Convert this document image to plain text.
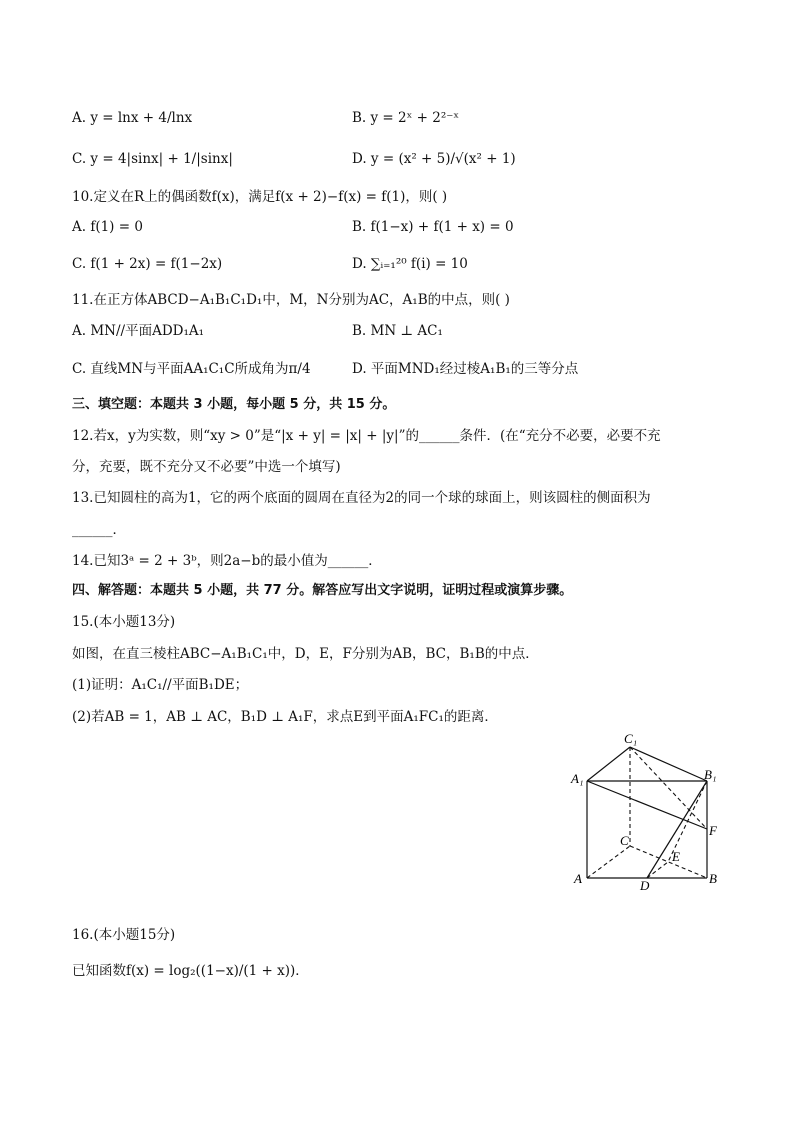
A. y = lnx + 4/lnx	B. y = 2ˣ + 2²⁻ˣ
C. y = 4|sinx| + 1/|sinx|	D. y = (x² + 5)/√(x² + 1)
10.定义在R上的偶函数f(x)，满足f(x + 2)−f(x) = f(1)，则( )
A. f(1) = 0	B. f(1−x) + f(1 + x) = 0
C. f(1 + 2x) = f(1−2x)	D. ∑ᵢ₌₁²⁰ f(i) = 10
11.在正方体ABCD−A₁B₁C₁D₁中，M，N分别为AC，A₁B的中点，则( )
A. MN//平面ADD₁A₁	B. MN ⊥ AC₁
C. 直线MN与平面AA₁C₁C所成角为π/4	D. 平面MND₁经过棱A₁B₁的三等分点
三、填空题：本题共 3 小题，每小题 5 分，共 15 分。
12.若x，y为实数，则“xy > 0”是“|x + y| = |x| + |y|”的______条件．(在“充分不必要，必要不充
分，充要，既不充分又不必要”中选一个填写)
13.已知圆柱的高为1，它的两个底面的圆周在直径为2的同一个球的球面上，则该圆柱的侧面积为
______．
14.已知3ᵃ = 2 + 3ᵇ，则2a−b的最小值为______．
四、解答题：本题共 5 小题，共 77 分。解答应写出文字说明，证明过程或演算步骤。
15.(本小题13分)
如图，在直三棱柱ABC−A₁B₁C₁中，D，E，F分别为AB，BC，B₁B的中点．
(1)证明：A₁C₁//平面B₁DE；
(2)若AB = 1，AB ⊥ AC，B₁D ⊥ A₁F，求点E到平面A₁FC₁的距离．
C₁
A₁	B₁
C
F
E
A	D	B
16.(本小题15分)
已知函数f(x) = log₂((1−x)/(1 + x))．
